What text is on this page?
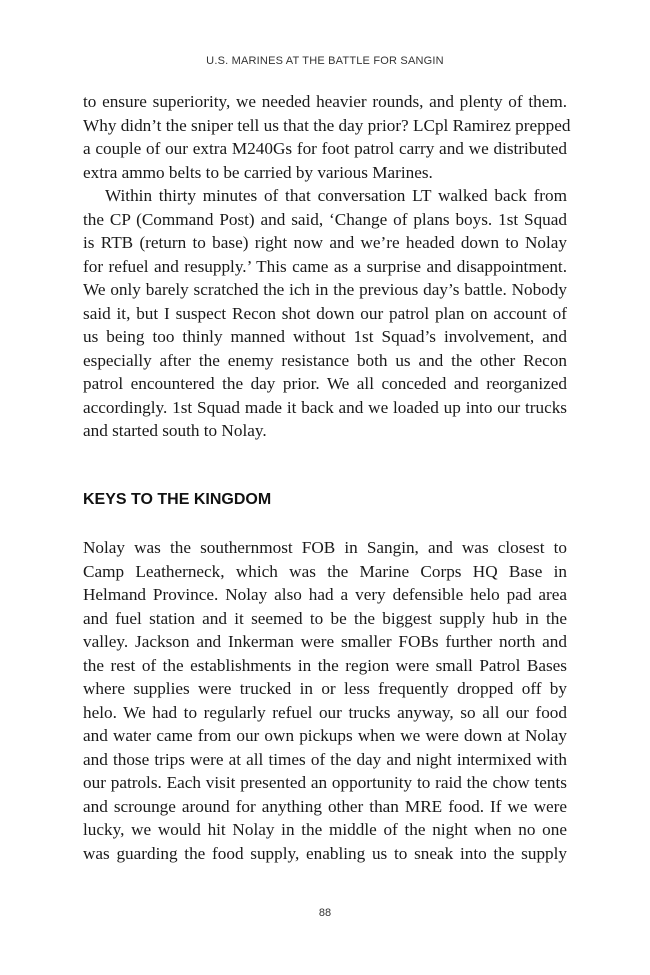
U.S. MARINES AT THE BATTLE FOR SANGIN

to ensure superiority, we needed heavier rounds, and plenty of them.
Why didn’t the sniper tell us that the day prior? LCpl Ramirez prepped
a couple of our extra M240Gs for foot patrol carry and we distributed
extra ammo belts to be carried by various Marines.

Within thirty minutes of that conversation LT walked back from
the CP (Command Post) and said, ‘Change of plans boys. 1st Squad
is RTB (return to base) right now and we’re headed down to Nolay
for refuel and resupply.’ This came as a surprise and disappointment.
We only barely scratched the ich in the previous day’s battle. Nobody
said it, but I suspect Recon shot down our patrol plan on account of
us being too thinly manned without 1st Squad’s involvement, and
especially after the enemy resistance both us and the other Recon
patrol encountered the day prior. We all conceded and reorganized
accordingly. 1st Squad made it back and we loaded up into our trucks
and started south to Nolay.

KEYS TO THE KINGDOM

Nolay was the southernmost FOB in Sangin, and was closest to
Camp Leatherneck, which was the Marine Corps HQ Base in
Helmand Province. Nolay also had a very defensible helo pad area
and fuel station and it seemed to be the biggest supply hub in the
valley. Jackson and Inkerman were smaller FOBs further north and
the rest of the establishments in the region were small Patrol Bases
where supplies were trucked in or less frequently dropped off by
helo. We had to regularly refuel our trucks anyway, so all our food
and water came from our own pickups when we were down at Nolay
and those trips were at all times of the day and night intermixed with
our patrols. Each visit presented an opportunity to raid the chow tents
and scrounge around for anything other than MRE food. If we were
lucky, we would hit Nolay in the middle of the night when no one
was guarding the food supply, enabling us to sneak into the supply

88
